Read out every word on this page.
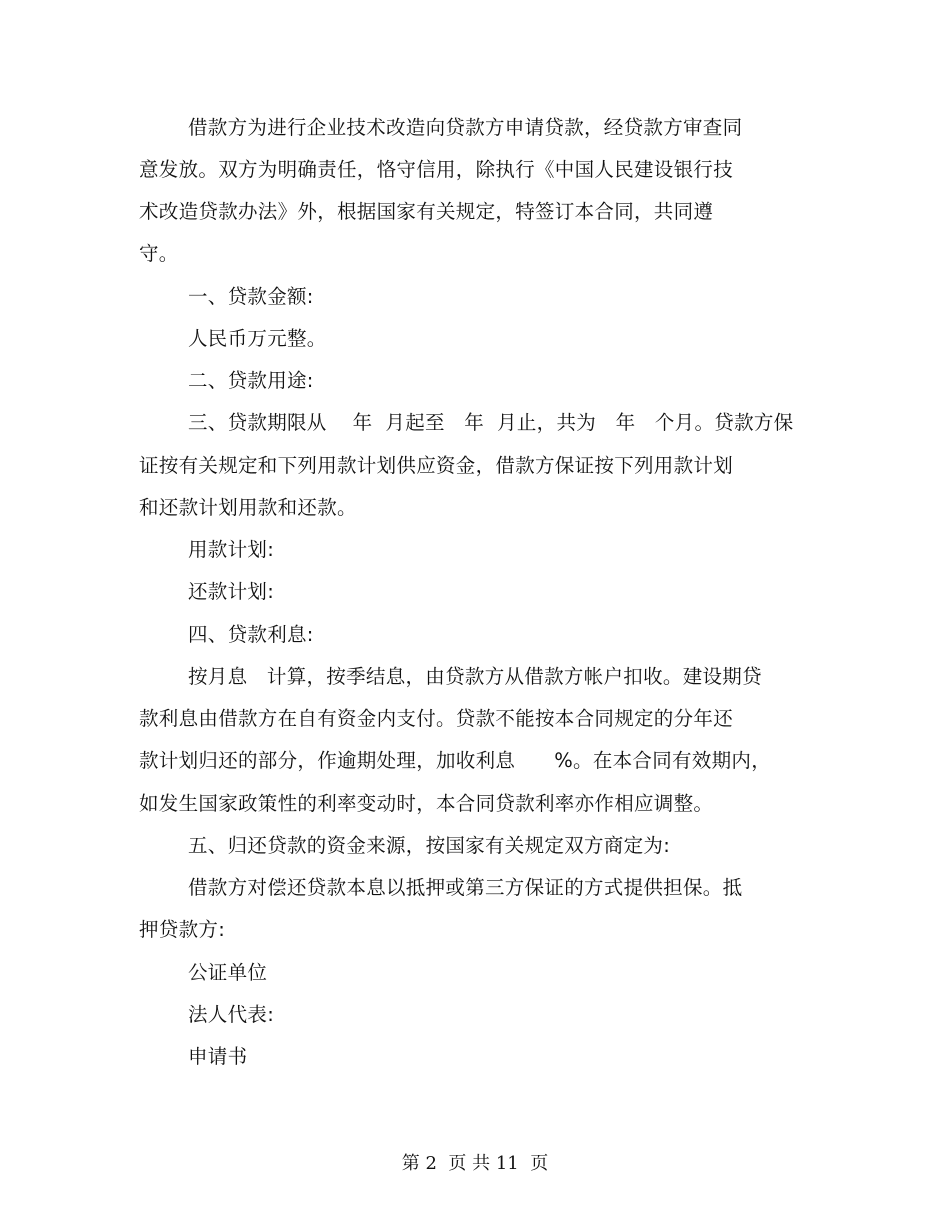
借款方为进行企业技术改造向贷款方申请贷款，经贷款方审查同
意发放。双方为明确责任，恪守信用，除执行《中国人民建设银行技
术改造贷款办法》外，根据国家有关规定，特签订本合同，共同遵
守。
一、贷款金额:
人民币万元整。
二、贷款用途:
三、贷款期限从    年  月起至   年  月止，共为   年   个月。贷款方保
证按有关规定和下列用款计划供应资金，借款方保证按下列用款计划
和还款计划用款和还款。
用款计划:
还款计划:
四、贷款利息:
按月息   计算，按季结息，由贷款方从借款方帐户扣收。建设期贷
款利息由借款方在自有资金内支付。贷款不能按本合同规定的分年还
款计划归还的部分，作逾期处理，加收利息      %。在本合同有效期内，
如发生国家政策性的利率变动时，本合同贷款利率亦作相应调整。
五、归还贷款的资金来源，按国家有关规定双方商定为:
借款方对偿还贷款本息以抵押或第三方保证的方式提供担保。抵
押贷款方:
公证单位
法人代表:
申请书
第 2  页 共 11  页
